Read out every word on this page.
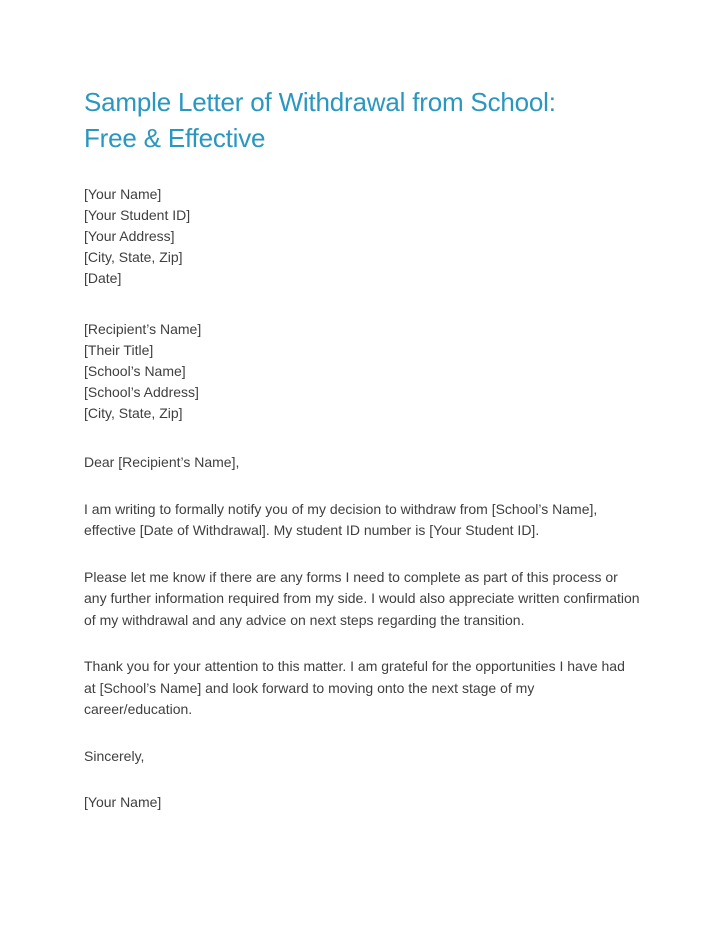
Sample Letter of Withdrawal from School:
Free & Effective
[Your Name]
[Your Student ID]
[Your Address]
[City, State, Zip]
[Date]
[Recipient’s Name]
[Their Title]
[School’s Name]
[School’s Address]
[City, State, Zip]

Dear [Recipient’s Name],

I am writing to formally notify you of my decision to withdraw from [School’s Name], effective [Date of Withdrawal]. My student ID number is [Your Student ID].

Please let me know if there are any forms I need to complete as part of this process or any further information required from my side. I would also appreciate written confirmation of my withdrawal and any advice on next steps regarding the transition.

Thank you for your attention to this matter. I am grateful for the opportunities I have had at [School’s Name] and look forward to moving onto the next stage of my career/education.

Sincerely,

[Your Name]
